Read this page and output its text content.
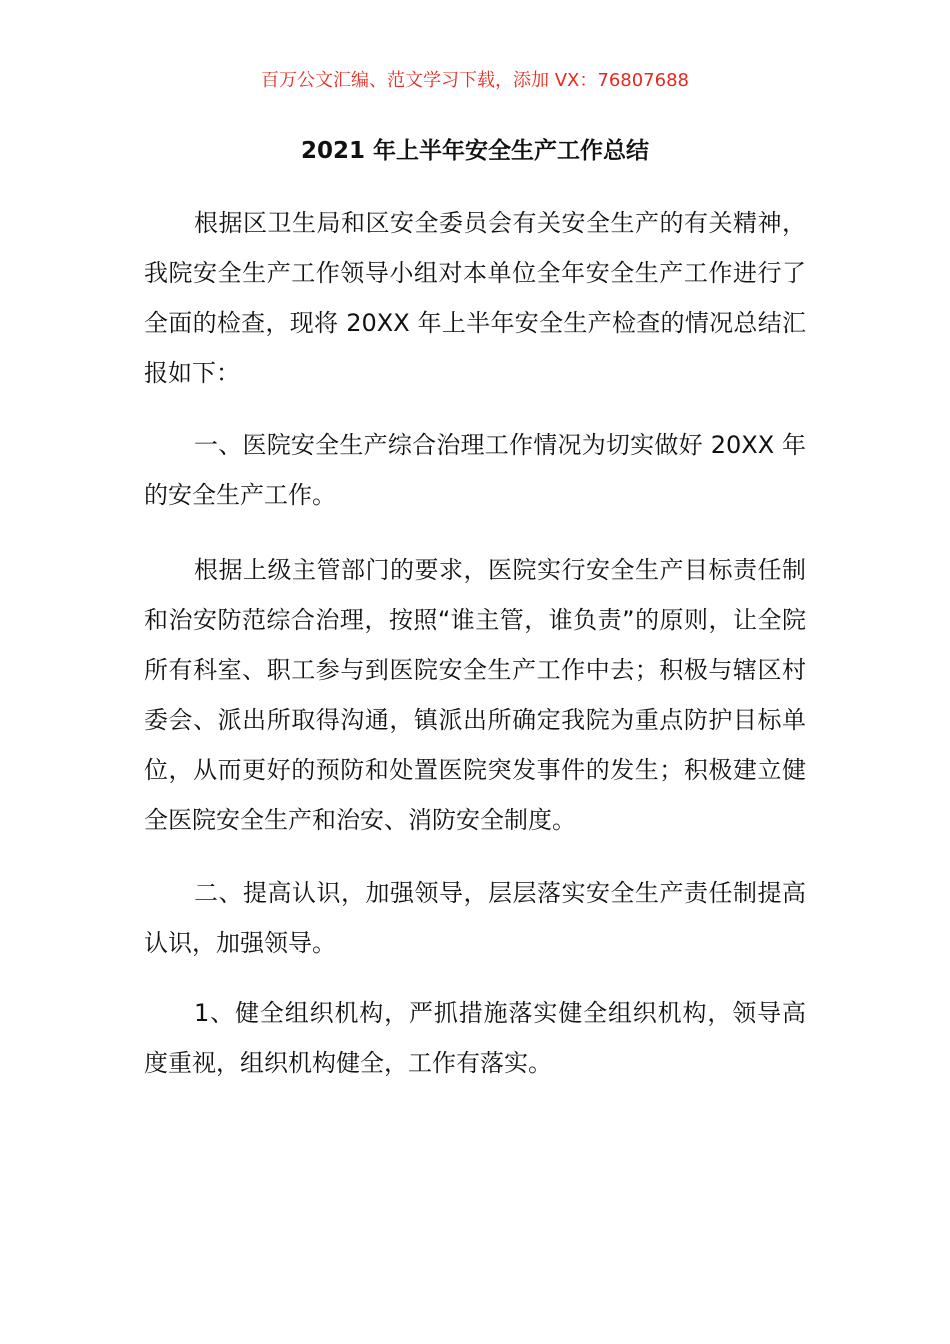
百万公文汇编、范文学习下载，添加 VX：76807688
2021 年上半年安全生产工作总结

根据区卫生局和区安全委员会有关安全生产的有关精神，我院安全生产工作领导小组对本单位全年安全生产工作进行了全面的检查，现将 20XX 年上半年安全生产检查的情况总结汇报如下：

一、医院安全生产综合治理工作情况为切实做好 20XX 年的安全生产工作。

根据上级主管部门的要求，医院实行安全生产目标责任制和治安防范综合治理，按照“谁主管，谁负责”的原则，让全院所有科室、职工参与到医院安全生产工作中去；积极与辖区村委会、派出所取得沟通，镇派出所确定我院为重点防护目标单位，从而更好的预防和处置医院突发事件的发生；积极建立健全医院安全生产和治安、消防安全制度。

二、提高认识，加强领导，层层落实安全生产责任制提高认识，加强领导。

1、健全组织机构，严抓措施落实健全组织机构，领导高度重视，组织机构健全，工作有落实。
